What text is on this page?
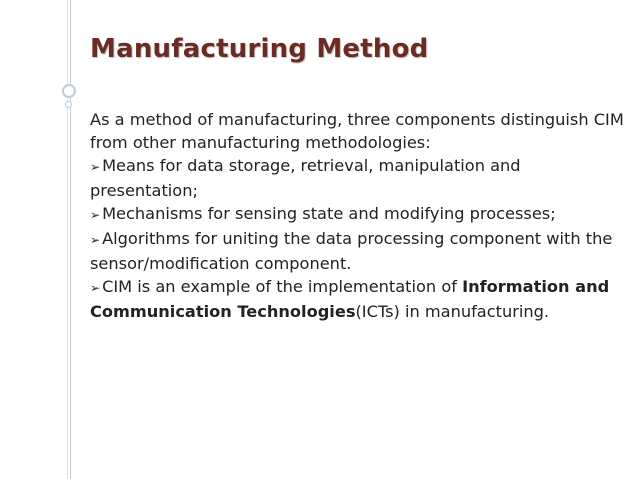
Manufacturing Method

As a method of manufacturing, three components distinguish CIM from other manufacturing methodologies:

➢ Means for data storage, retrieval, manipulation and presentation;

➢ Mechanisms for sensing state and modifying processes;

➢ Algorithms for uniting the data processing component with the sensor/modification component.

➢ CIM is an example of the implementation of Information and Communication Technologies(ICTs) in manufacturing.
